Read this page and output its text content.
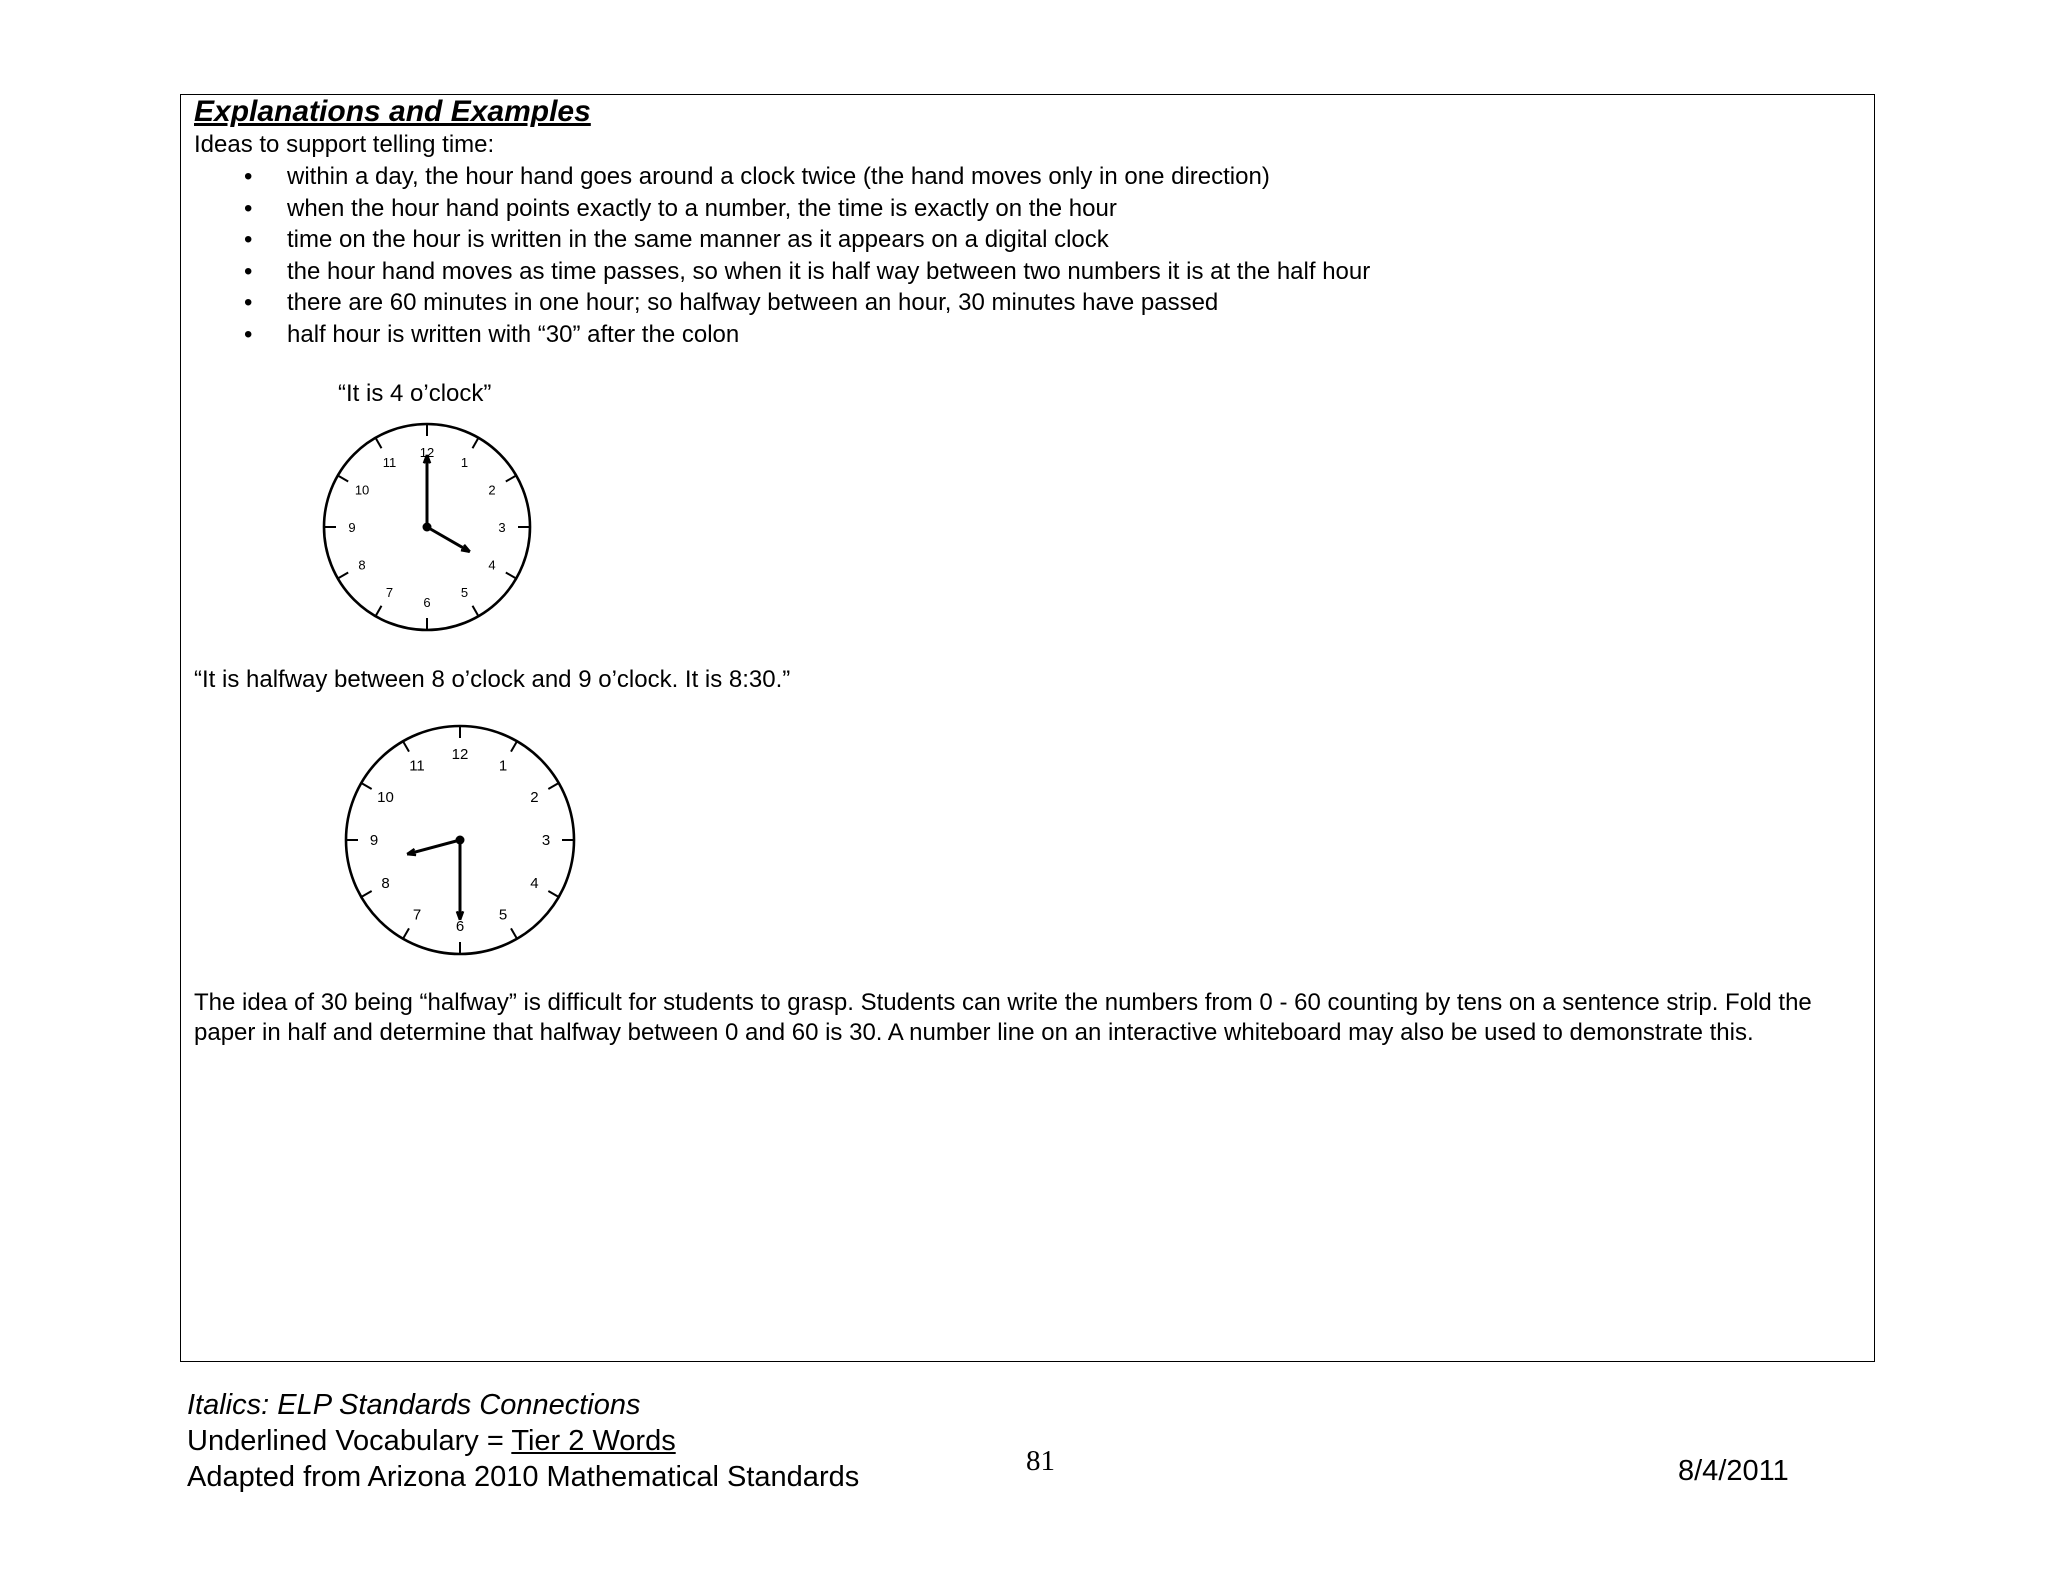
Explanations and Examples

Ideas to support telling time:

• within a day, the hour hand goes around a clock twice (the hand moves only in one direction)
• when the hour hand points exactly to a number, the time is exactly on the hour
• time on the hour is written in the same manner as it appears on a digital clock
• the hour hand moves as time passes, so when it is half way between two numbers it is at the half hour
• there are 60 minutes in one hour; so halfway between an hour, 30 minutes have passed
• half hour is written with “30” after the colon

“It is 4 o’clock”

12
1
2
3
4
5
6
7
8
9
10
11

“It is halfway between 8 o’clock and 9 o’clock. It is 8:30.”

12
1
2
3
4
5
6
7
8
9
10
11

The idea of 30 being “halfway” is difficult for students to grasp. Students can write the numbers from 0 - 60 counting by tens on a sentence strip. Fold the paper in half and determine that halfway between 0 and 60 is 30. A number line on an interactive whiteboard may also be used to demonstrate this.

Italics: ELP Standards Connections

Underlined Vocabulary = Tier 2 Words

Adapted from Arizona 2010 Mathematical Standards	81	8/4/2011
